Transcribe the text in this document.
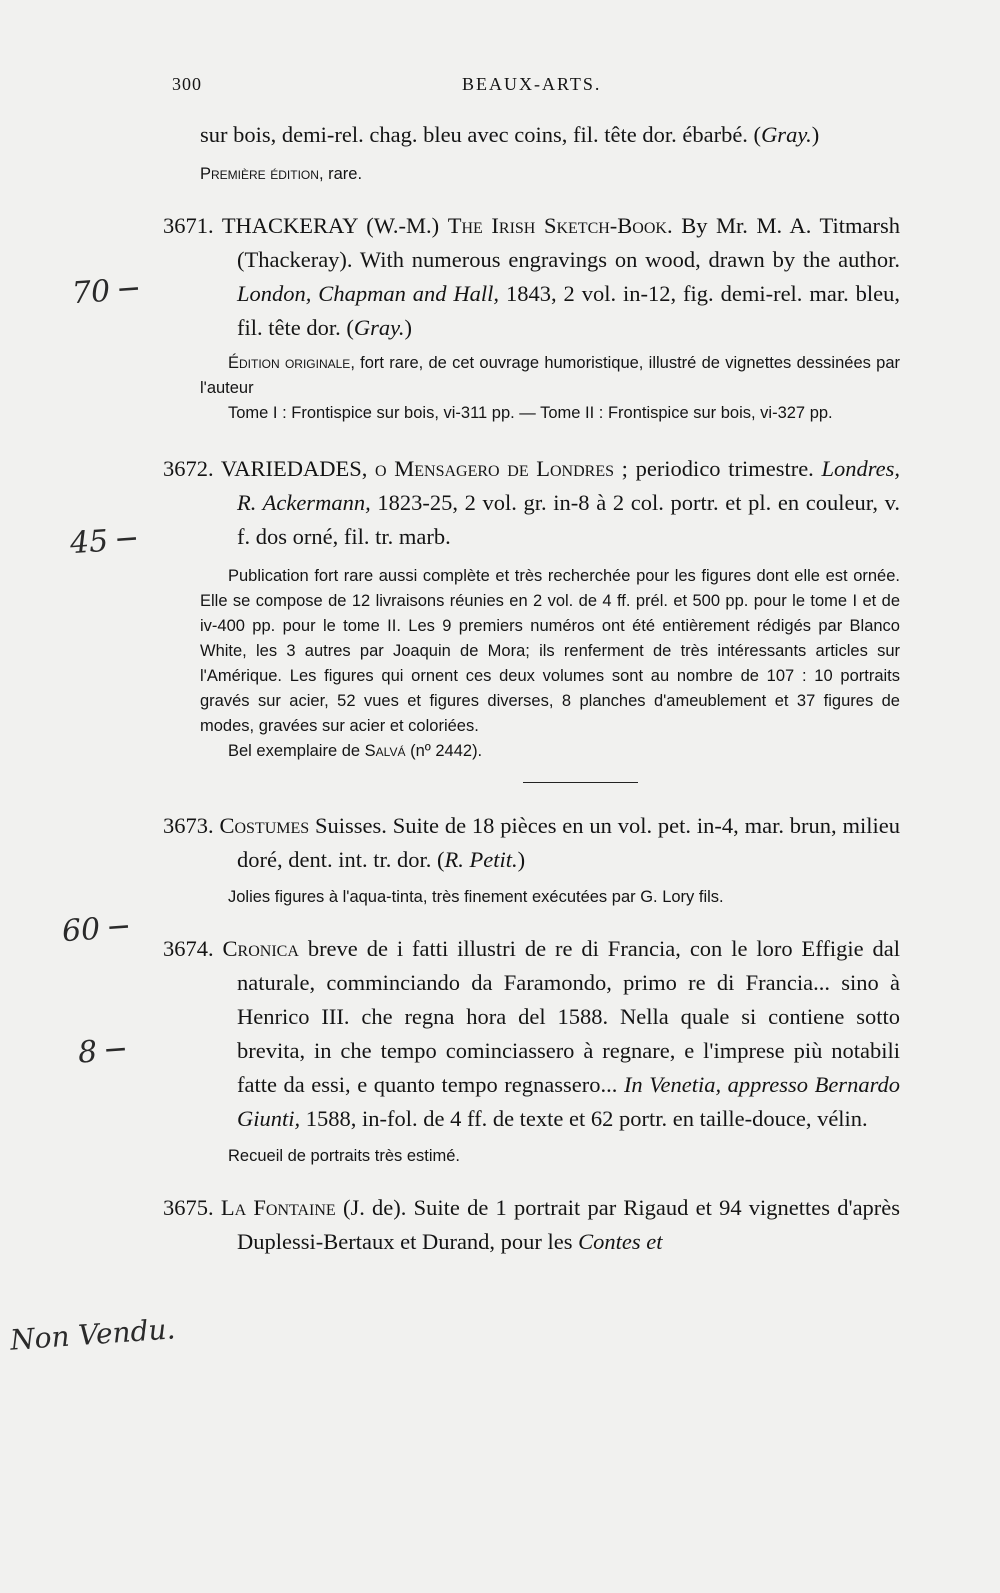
300	BEAUX-ARTS.
70 ─
45 ─
60 ─
8 ─
Non Vendu.

sur bois, demi-rel. chag. bleu avec coins, fil. tête dor. ébarbé. (Gray.)

Première édition, rare.

3671. THACKERAY (W.-M.) The Irish Sketch-Book. By Mr. M. A. Titmarsh (Thackeray). With numerous engravings on wood, drawn by the author. London, Chapman and Hall, 1843, 2 vol. in-12, fig. demi-rel. mar. bleu, fil. tête dor. (Gray.)

Édition originale, fort rare, de cet ouvrage humoristique, illustré de vignettes dessinées par l'auteur

Tome I : Frontispice sur bois, vi-311 pp. — Tome II : Frontispice sur bois, vi-327 pp.

3672. VARIEDADES, o Mensagero de Londres ; periodico trimestre. Londres, R. Ackermann, 1823-25, 2 vol. gr. in-8 à 2 col. portr. et pl. en couleur, v. f. dos orné, fil. tr. marb.

Publication fort rare aussi complète et très recherchée pour les figures dont elle est ornée. Elle se compose de 12 livraisons réunies en 2 vol. de 4 ff. prél. et 500 pp. pour le tome I et de iv-400 pp. pour le tome II. Les 9 premiers numéros ont été entièrement rédigés par Blanco White, les 3 autres par Joaquin de Mora; ils renferment de très intéressants articles sur l'Amérique. Les figures qui ornent ces deux volumes sont au nombre de 107 : 10 portraits gravés sur acier, 52 vues et figures diverses, 8 planches d'ameublement et 37 figures de modes, gravées sur acier et coloriées.

Bel exemplaire de Salvá (nº 2442).

3673. Costumes Suisses. Suite de 18 pièces en un vol. pet. in-4, mar. brun, milieu doré, dent. int. tr. dor. (R. Petit.)

Jolies figures à l'aqua-tinta, très finement exécutées par G. Lory fils.

3674. Cronica breve de i fatti illustri de re di Francia, con le loro Effigie dal naturale, comminciando da Faramondo, primo re di Francia... sino à Henrico III. che regna hora del 1588. Nella quale si contiene sotto brevita, in che tempo cominciassero à regnare, e l'imprese più notabili fatte da essi, e quanto tempo regnassero... In Venetia, appresso Bernardo Giunti, 1588, in-fol. de 4 ff. de texte et 62 portr. en taille-douce, vélin.

Recueil de portraits très estimé.

3675. La Fontaine (J. de). Suite de 1 portrait par Rigaud et 94 vignettes d'après Duplessi-Bertaux et Durand, pour les Contes et
